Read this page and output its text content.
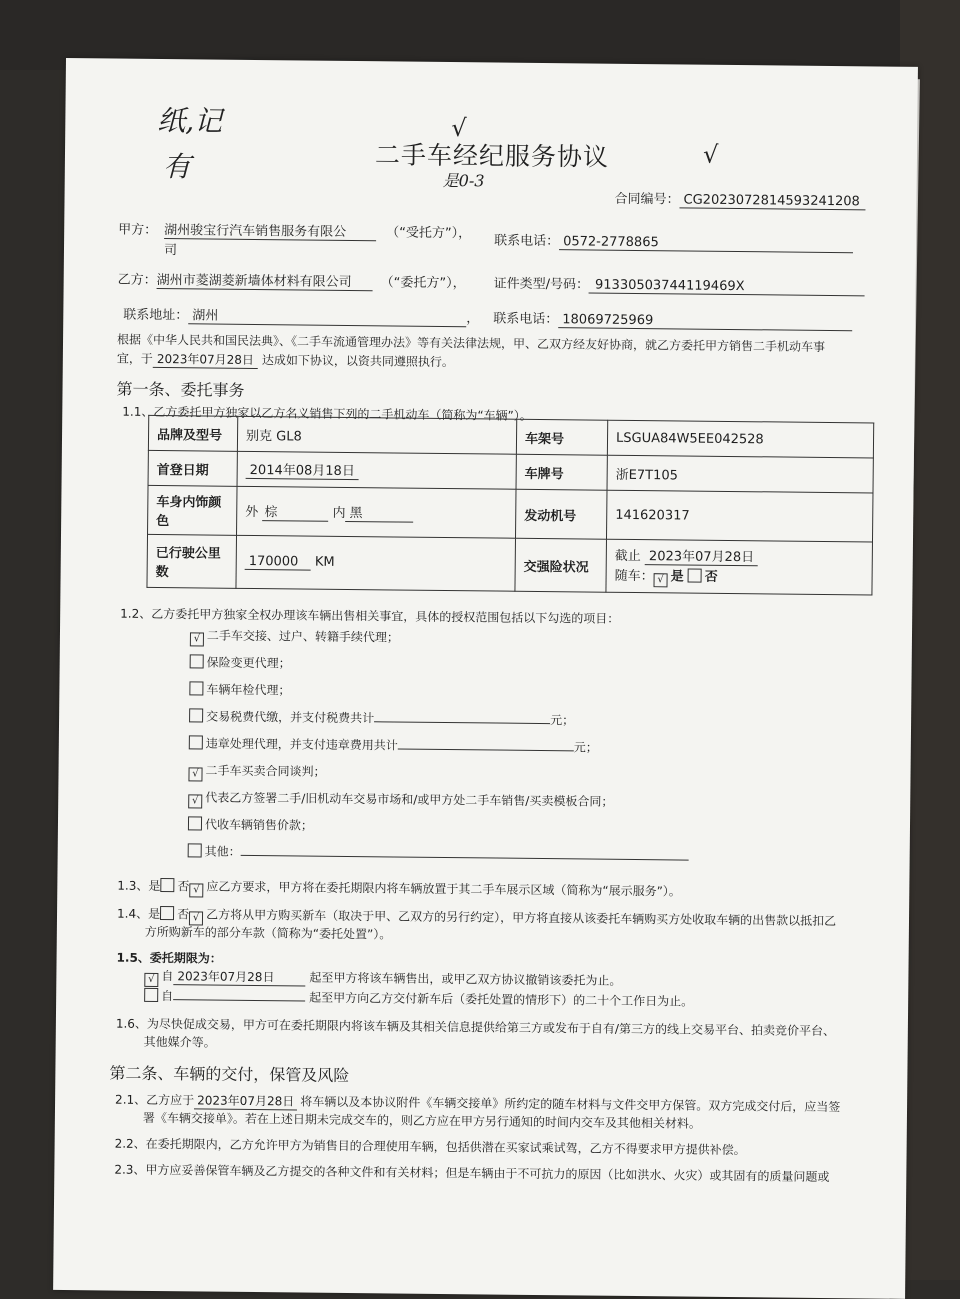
纸,记
有	是0-3
√
√
二手车经纪服务协议
合同编号： CG2023072814593241208
甲方： 湖州骏宝行汽车销售服务有限公
司
（“受托方”），
联系电话： 0572-2778865
乙方：湖州市菱湖菱新墙体材料有限公司 （“委托方”）， 证件类型/号码： 91330503744119469X
联系地址： 湖州	， 联系电话： 18069725969
根据《中华人民共和国民法典》、《二手车流通管理办法》等有关法律法规，甲、乙双方经友好协商，就乙方委托甲方销售二手机动车事
宜，于 2023年07月28日 达成如下协议，以资共同遵照执行。
第一条、委托事务
1.1、乙方委托甲方独家以乙方名义销售下列的二手机动车（简称为“车辆”）。
品牌及型号	别克 GL8	车架号	LSGUA84W5EE042528
首登日期	2014年08月18日	车牌号	浙E7T105
车身内饰颜色	外 棕 内 黑	发动机号	141620317
已行驶公里数	170000 KM	交强险状况	截止 2023年07月28日
随车： √ 是 否
1.2、乙方委托甲方独家全权办理该车辆出售相关事宜，具体的授权范围包括以下勾选的项目：
√ 二手车交接、过户、转籍手续代理；
保险变更代理；
车辆年检代理；
交易税费代缴，并支付税费共计	元；
违章处理代理，并支付违章费用共计	元；
√ 二手车买卖合同谈判；
√ 代表乙方签署二手/旧机动车交易市场和/或甲方处二手车销售/买卖模板合同；
代收车辆销售价款；
其他：
1.3、是 否 √ 应乙方要求，甲方将在委托期限内将车辆放置于其二手车展示区域（简称为“展示服务”）。
1.4、是 否 √ 乙方将从甲方购买新车（取决于甲、乙双方的另行约定），甲方将直接从该委托车辆购买方处收取车辆的出售款以抵扣乙
方所购新车的部分车款（简称为“委托处置”）。
1.5、委托期限为：
√ 自 2023年07月28日	起至甲方将该车辆售出，或甲乙双方协议撤销该委托为止。
自	起至甲方向乙方交付新车后（委托处置的情形下）的二十个工作日为止。
1.6、为尽快促成交易，甲方可在委托期限内将该车辆及其相关信息提供给第三方或发布于自有/第三方的线上交易平台、拍卖竞价平台、
其他媒介等。
第二条、车辆的交付，保管及风险
2.1、乙方应于 2023年07月28日 将车辆以及本协议附件《车辆交接单》所约定的随车材料与文件交甲方保管。双方完成交付后，应当签
署《车辆交接单》。若在上述日期未完成交车的，则乙方应在甲方另行通知的时间内交车及其他相关材料。
2.2、在委托期限内，乙方允许甲方为销售目的合理使用车辆，包括供潜在买家试乘试驾，乙方不得要求甲方提供补偿。
2.3、甲方应妥善保管车辆及乙方提交的各种文件和有关材料；但是车辆由于不可抗力的原因（比如洪水、火灾）或其固有的质量问题或
